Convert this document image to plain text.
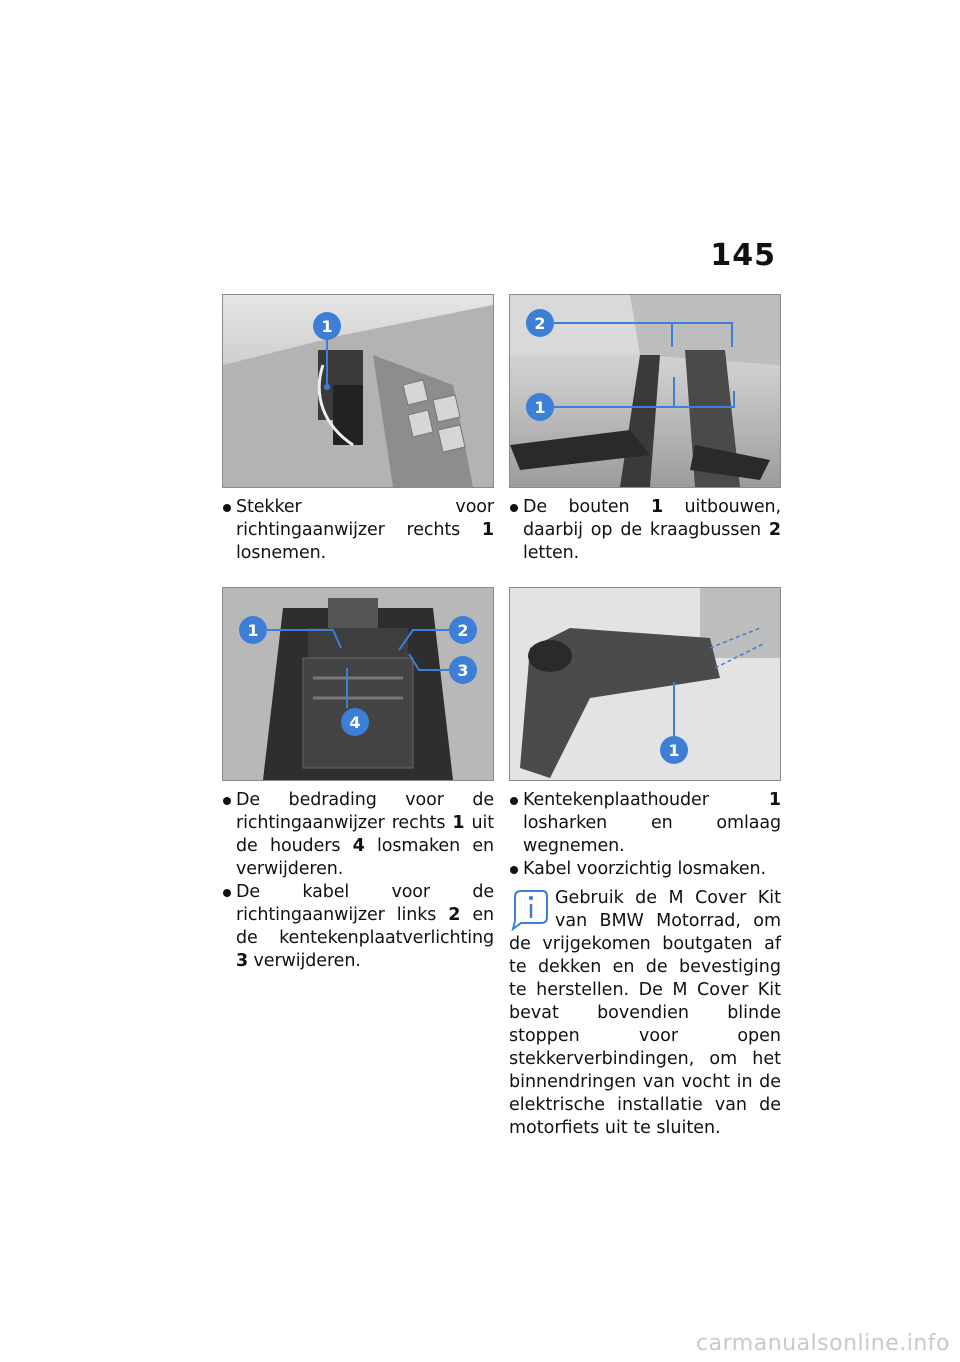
145
1
Stekker voor richtingaanwijzer rechts 1 losnemen.
1	2
3
4
De bedrading voor de richtingaanwijzer rechts 1 uit de houders 4 losmaken en verwijderen.
De kabel voor de richtingaanwijzer links 2 en de kentekenplaatverlichting 3 verwijderen.
2
1
De bouten 1 uitbouwen, daarbij op de kraagbussen 2 letten.
1
Kentekenplaathouder 1 losharken en omlaag wegnemen.
Kabel voorzichtig losmaken.

Gebruik de M Cover Kit van BMW Motorrad, om de vrijgekomen boutgaten af te dekken en de bevestiging te herstellen. De M Cover Kit bevat bovendien blinde stoppen voor open stekkerverbindingen, om het binnendringen van vocht in de elektrische installatie van de motorfiets uit te sluiten.

carmanualsonline.info
